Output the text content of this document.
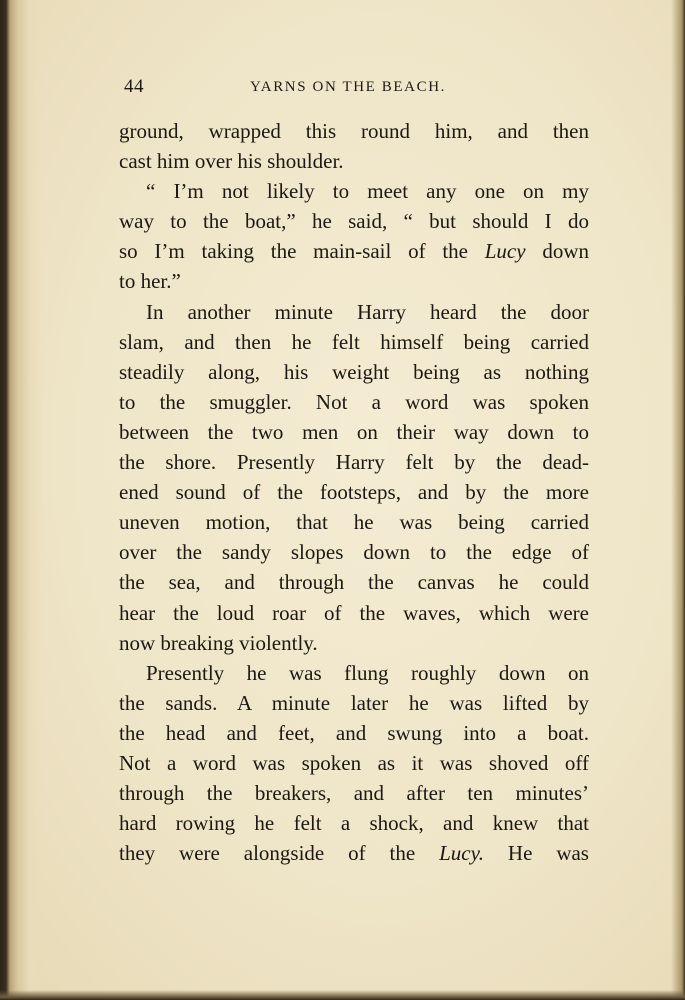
44	YARNS ON THE BEACH.
ground, wrapped this round him, and then
cast him over his shoulder.
“ I’m not likely to meet any one on my
way to the boat,” he said, “ but should I do
so I’m taking the main-sail of the Lucy down
to her.”
In another minute Harry heard the door
slam, and then he felt himself being carried
steadily along, his weight being as nothing
to the smuggler. Not a word was spoken
between the two men on their way down to
the shore. Presently Harry felt by the dead-
ened sound of the footsteps, and by the more
uneven motion, that he was being carried
over the sandy slopes down to the edge of
the sea, and through the canvas he could
hear the loud roar of the waves, which were
now breaking violently.
Presently he was flung roughly down on
the sands. A minute later he was lifted by
the head and feet, and swung into a boat.
Not a word was spoken as it was shoved off
through the breakers, and after ten minutes’
hard rowing he felt a shock, and knew that
they were alongside of the Lucy. He was
